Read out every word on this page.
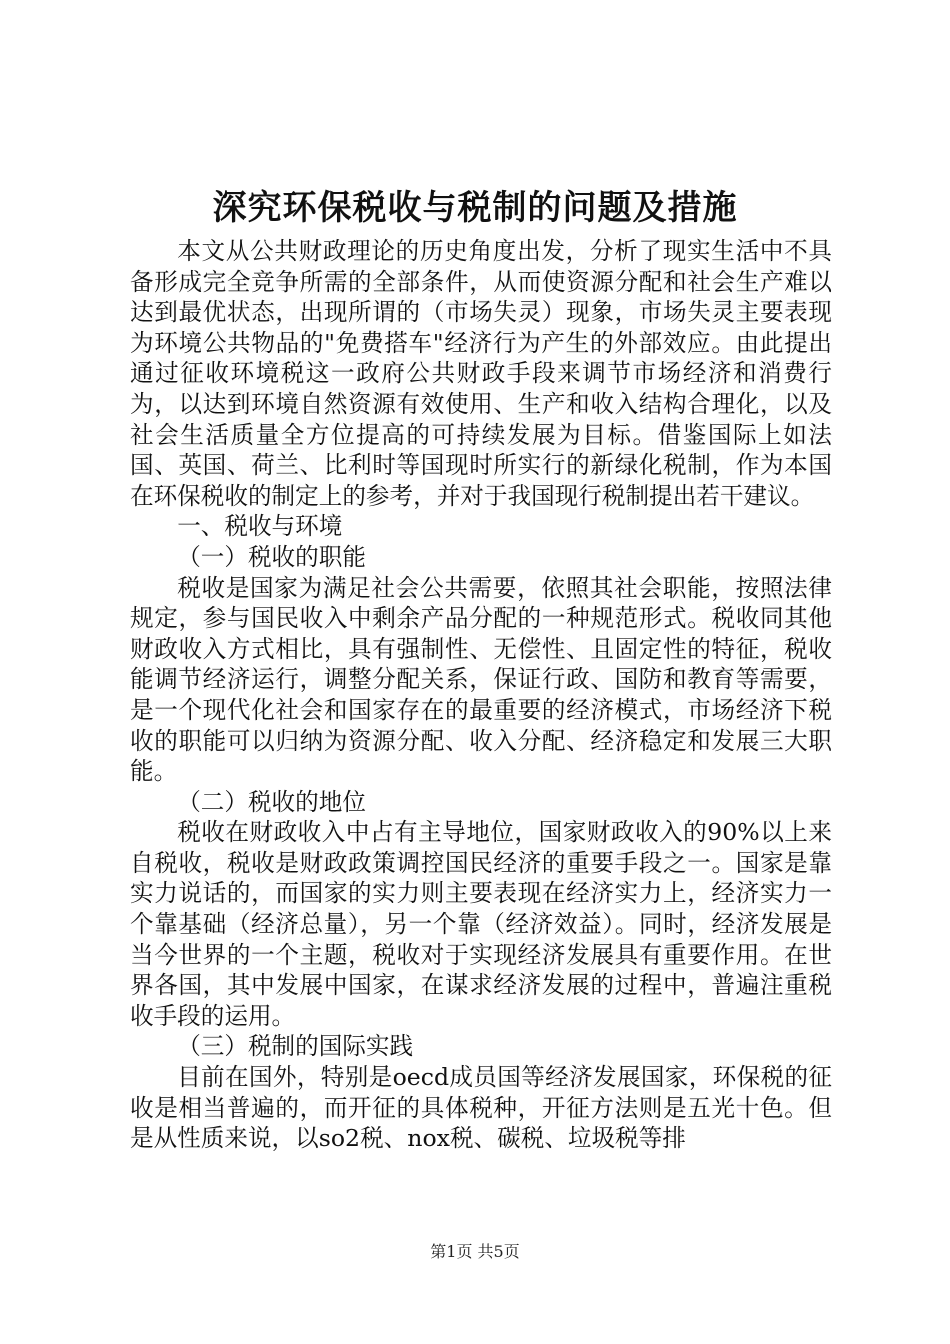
深究环保税收与税制的问题及措施

本文从公共财政理论的历史角度出发，分析了现实生活中不具备形成完全竞争所需的全部条件，从而使资源分配和社会生产难以达到最优状态，出现所谓的（市场失灵）现象，市场失灵主要表现为环境公共物品的"免费搭车"经济行为产生的外部效应。由此提出通过征收环境税这一政府公共财政手段来调节市场经济和消费行为，以达到环境自然资源有效使用、生产和收入结构合理化，以及社会生活质量全方位提高的可持续发展为目标。借鉴国际上如法国、英国、荷兰、比利时等国现时所实行的新绿化税制，作为本国在环保税收的制定上的参考，并对于我国现行税制提出若干建议。

一、税收与环境

（一）税收的职能

税收是国家为满足社会公共需要，依照其社会职能，按照法律规定，参与国民收入中剩余产品分配的一种规范形式。税收同其他财政收入方式相比，具有强制性、无偿性、且固定性的特征，税收能调节经济运行，调整分配关系，保证行政、国防和教育等需要，是一个现代化社会和国家存在的最重要的经济模式，市场经济下税收的职能可以归纳为资源分配、收入分配、经济稳定和发展三大职能。

（二）税收的地位

税收在财政收入中占有主导地位，国家财政收入的90%以上来自税收，税收是财政政策调控国民经济的重要手段之一。国家是靠实力说话的，而国家的实力则主要表现在经济实力上，经济实力一个靠基础（经济总量），另一个靠（经济效益）。同时，经济发展是当今世界的一个主题，税收对于实现经济发展具有重要作用。在世界各国，其中发展中国家，在谋求经济发展的过程中，普遍注重税收手段的运用。

（三）税制的国际实践

目前在国外，特别是oecd成员国等经济发展国家，环保税的征收是相当普遍的，而开征的具体税种，开征方法则是五光十色。但是从性质来说，以so2税、nox税、碳税、垃圾税等排

第1页 共5页
